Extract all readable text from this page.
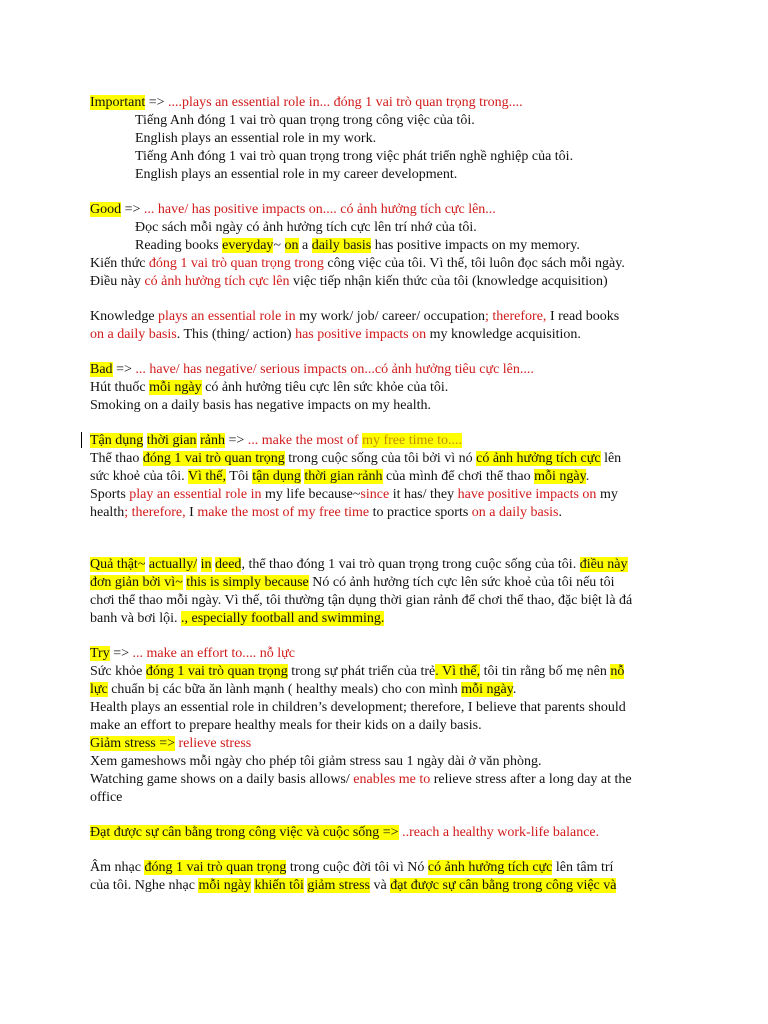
Important => ....plays an essential role in... đóng 1 vai trò quan trọng trong....
Tiếng Anh đóng 1 vai trò quan trọng trong công việc của tôi.
English plays an essential role in my work.
Tiếng Anh đóng 1 vai trò quan trọng trong việc phát triển nghề nghiệp của tôi.
English plays an essential role in my career development.
Good => ... have/ has positive impacts on.... có ảnh hưởng tích cực lên...
Đọc sách mỗi ngày có ảnh hưởng tích cực lên trí nhớ của tôi.
Reading books everyday~ on a daily basis has positive impacts on my memory.
Kiến thức đóng 1 vai trò quan trọng trong công việc của tôi. Vì thế, tôi luôn đọc sách mỗi ngày.
Điều này có ảnh hưởng tích cực lên việc tiếp nhận kiến thức của tôi (knowledge acquisition)
Knowledge plays an essential role in my work/ job/ career/ occupation; therefore, I read books
on a daily basis. This (thing/ action) has positive impacts on my knowledge acquisition.
Bad => ... have/ has negative/ serious impacts on...có ảnh hưởng tiêu cực lên....
Hút thuốc mỗi ngày có ảnh hưởng tiêu cực lên sức khỏe của tôi.
Smoking on a daily basis has negative impacts on my health.
Tận dụng thời gian rảnh => ... make the most of my free time to....
Thể thao đóng 1 vai trò quan trọng trong cuộc sống của tôi bởi vì nó có ảnh hưởng tích cực lên
sức khoẻ của tôi. Vì thế, Tôi tận dụng thời gian rảnh của mình để chơi thể thao mỗi ngày.
Sports play an essential role in my life because~since it has/ they have positive impacts on my
health; therefore, I make the most of my free time to practice sports on a daily basis.
Quả thật~ actually/ in deed, thể thao đóng 1 vai trò quan trọng trong cuộc sống của tôi. điều này
đơn giản bởi vì~ this is simply because Nó có ảnh hưởng tích cực lên sức khoẻ của tôi nếu tôi
chơi thể thao mỗi ngày. Vì thế, tôi thường tận dụng thời gian rảnh để chơi thể thao, đặc biệt là đá
banh và bơi lội. ., especially football and swimming.
Try => ... make an effort to.... nỗ lực
Sức khỏe đóng 1 vai trò quan trọng trong sự phát triển của trẻ. Vì thế, tôi tin rằng bố mẹ nên nỗ
lực chuẩn bị các bữa ăn lành mạnh ( healthy meals) cho con mình mỗi ngày.
Health plays an essential role in children’s development; therefore, I believe that parents should
make an effort to prepare healthy meals for their kids on a daily basis.
Giảm stress => relieve stress
Xem gameshows mỗi ngày cho phép tôi giảm stress sau 1 ngày dài ở văn phòng.
Watching game shows on a daily basis allows/ enables me to relieve stress after a long day at the
office
Đạt được sự cân bằng trong công việc và cuộc sống => ..reach a healthy work-life balance.
Âm nhạc đóng 1 vai trò quan trọng trong cuộc đời tôi vì Nó có ảnh hưởng tích cực lên tâm trí
của tôi. Nghe nhạc mỗi ngày khiến tôi giảm stress và đạt được sự cân bằng trong công việc và
